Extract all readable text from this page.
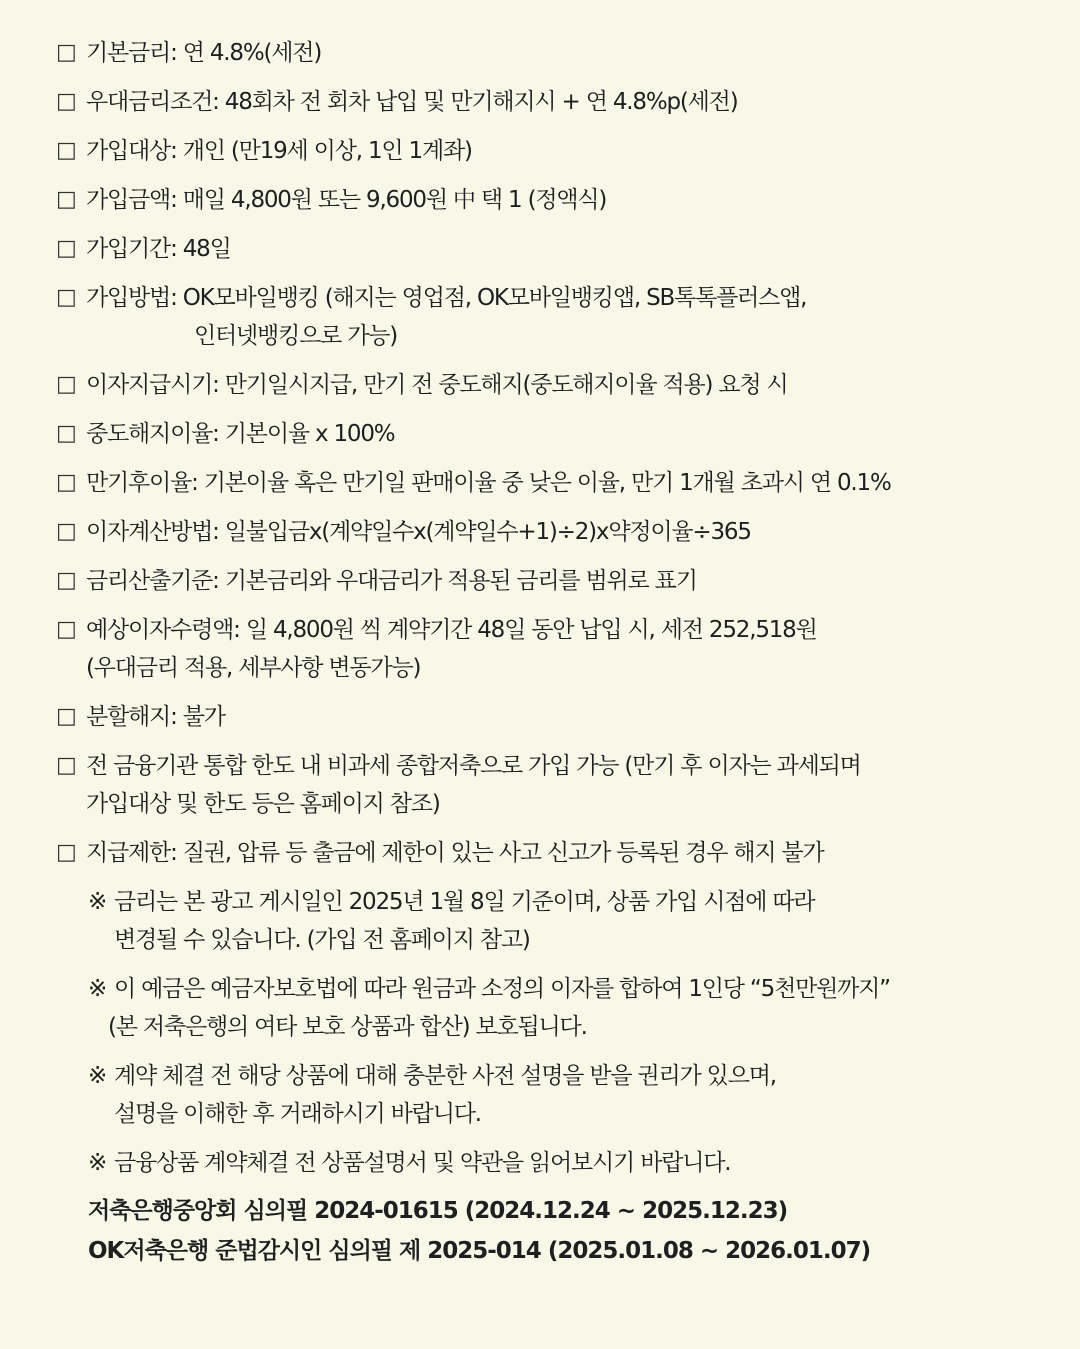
□ 기본금리 : 연 4.8%(세전)
□ 우대금리조건 : 48회차 전 회차 납입 및 만기해지시 + 연 4.8%p(세전)
□ 가입대상 : 개인 (만19세 이상, 1인 1계좌)
□ 가입금액 : 매일 4,800원 또는 9,600원 中 택 1 (정액식)
□ 가입기간 : 48일
□ 가입방법 : OK모바일뱅킹 (해지는 영업점, OK모바일뱅킹앱, SB톡톡플러스앱,
인터넷뱅킹으로 가능)
□ 이자지급시기 : 만기일시지급, 만기 전 중도해지(중도해지이율 적용) 요청 시
□ 중도해지이율 : 기본이율 x 100%
□ 만기후이율 : 기본이율 혹은 만기일 판매이율 중 낮은 이율, 만기 1개월 초과시 연 0.1%
□ 이자계산방법 : 일불입금x(계약일수x(계약일수+1)÷2)x약정이율÷365
□ 금리산출기준 : 기본금리와 우대금리가 적용된 금리를 범위로 표기
□ 예상이자수령액 : 일 4,800원 씩 계약기간 48일 동안 납입 시, 세전 252,518원
(우대금리 적용, 세부사항 변동가능)
□ 분할해지 : 불가
□ 전 금융기관 통합 한도 내 비과세 종합저축으로 가입 가능 (만기 후 이자는 과세되며
가입대상 및 한도 등은 홈페이지 참조)
□ 지급제한 : 질권, 압류 등 출금에 제한이 있는 사고 신고가 등록된 경우 해지 불가
※ 금리는 본 광고 게시일인 2025년 1월 8일 기준이며, 상품 가입 시점에 따라
변경될 수 있습니다. (가입 전 홈페이지 참고)
※ 이 예금은 예금자보호법에 따라 원금과 소정의 이자를 합하여 1인당 “5천만원까지”
(본 저축은행의 여타 보호 상품과 합산) 보호됩니다.
※ 계약 체결 전 해당 상품에 대해 충분한 사전 설명을 받을 권리가 있으며,
설명을 이해한 후 거래하시기 바랍니다.
※ 금융상품 계약체결 전 상품설명서 및 약관을 읽어보시기 바랍니다.
저축은행중앙회 심의필 2024-01615 (2024.12.24 ~ 2025.12.23)
OK저축은행 준법감시인 심의필 제 2025-014 (2025.01.08 ~ 2026.01.07)
